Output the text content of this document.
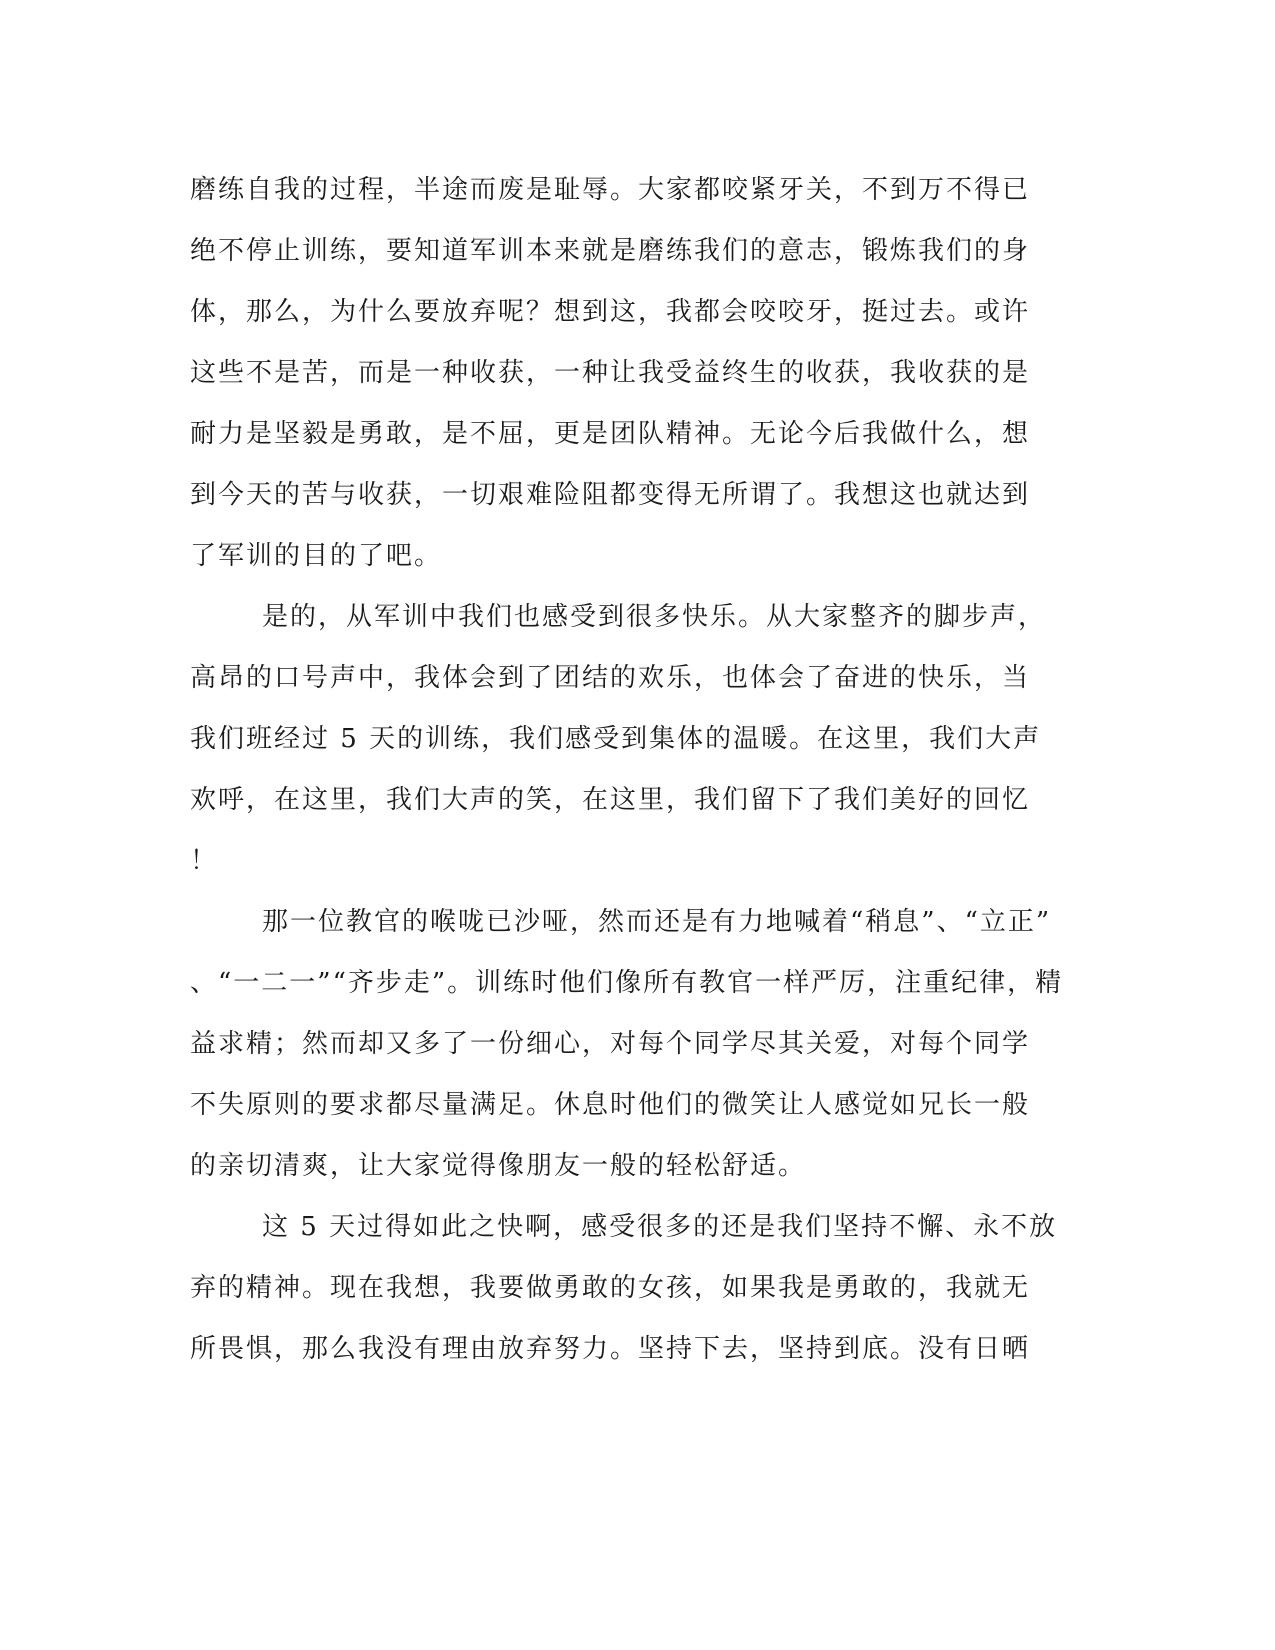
磨练自我的过程，半途而废是耻辱。大家都咬紧牙关，不到万不得已
绝不停止训练，要知道军训本来就是磨练我们的意志，锻炼我们的身
体，那么，为什么要放弃呢？想到这，我都会咬咬牙，挺过去。或许
这些不是苦，而是一种收获，一种让我受益终生的收获，我收获的是
耐力是坚毅是勇敢，是不屈，更是团队精神。无论今后我做什么，想
到今天的苦与收获，一切艰难险阻都变得无所谓了。我想这也就达到
了军训的目的了吧。
是的，从军训中我们也感受到很多快乐。从大家整齐的脚步声，
高昂的口号声中，我体会到了团结的欢乐，也体会了奋进的快乐，当
我们班经过 5 天的训练，我们感受到集体的温暖。在这里，我们大声
欢呼，在这里，我们大声的笑，在这里，我们留下了我们美好的回忆
！
那一位教官的喉咙已沙哑，然而还是有力地喊着“稍息”、“立正”
、“一二一”“齐步走”。训练时他们像所有教官一样严厉，注重纪律，精
益求精；然而却又多了一份细心，对每个同学尽其关爱，对每个同学
不失原则的要求都尽量满足。休息时他们的微笑让人感觉如兄长一般
的亲切清爽，让大家觉得像朋友一般的轻松舒适。
这 5 天过得如此之快啊，感受很多的还是我们坚持不懈、永不放
弃的精神。现在我想，我要做勇敢的女孩，如果我是勇敢的，我就无
所畏惧，那么我没有理由放弃努力。坚持下去，坚持到底。没有日晒
